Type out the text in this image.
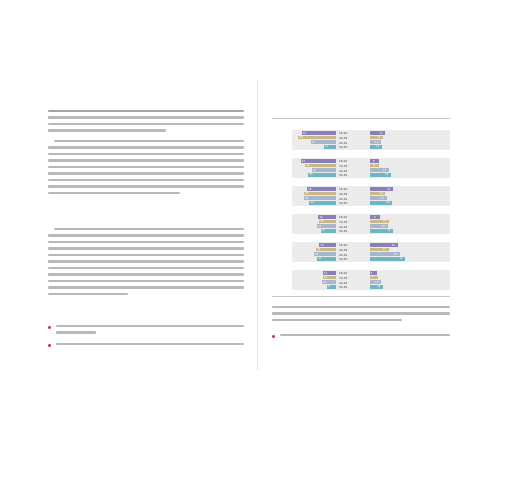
31	18-29	14
34	30-39	12
23	40-49	10
11	50-59	11
32	18-29	8
28	30-39	8
22	40-49	17
25	50-59	19
26	18-29	21
29	30-39	14
29	40-49	15
24	50-59	20
16	18-29	9
15	30-39	17
17	40-49	16
14	50-59	21
15	18-29	25
18	30-39	17
20	40-49	27
17	50-59	32
12	18-29	6
12	30-39	7
13	40-49	10
8	50-59	12
